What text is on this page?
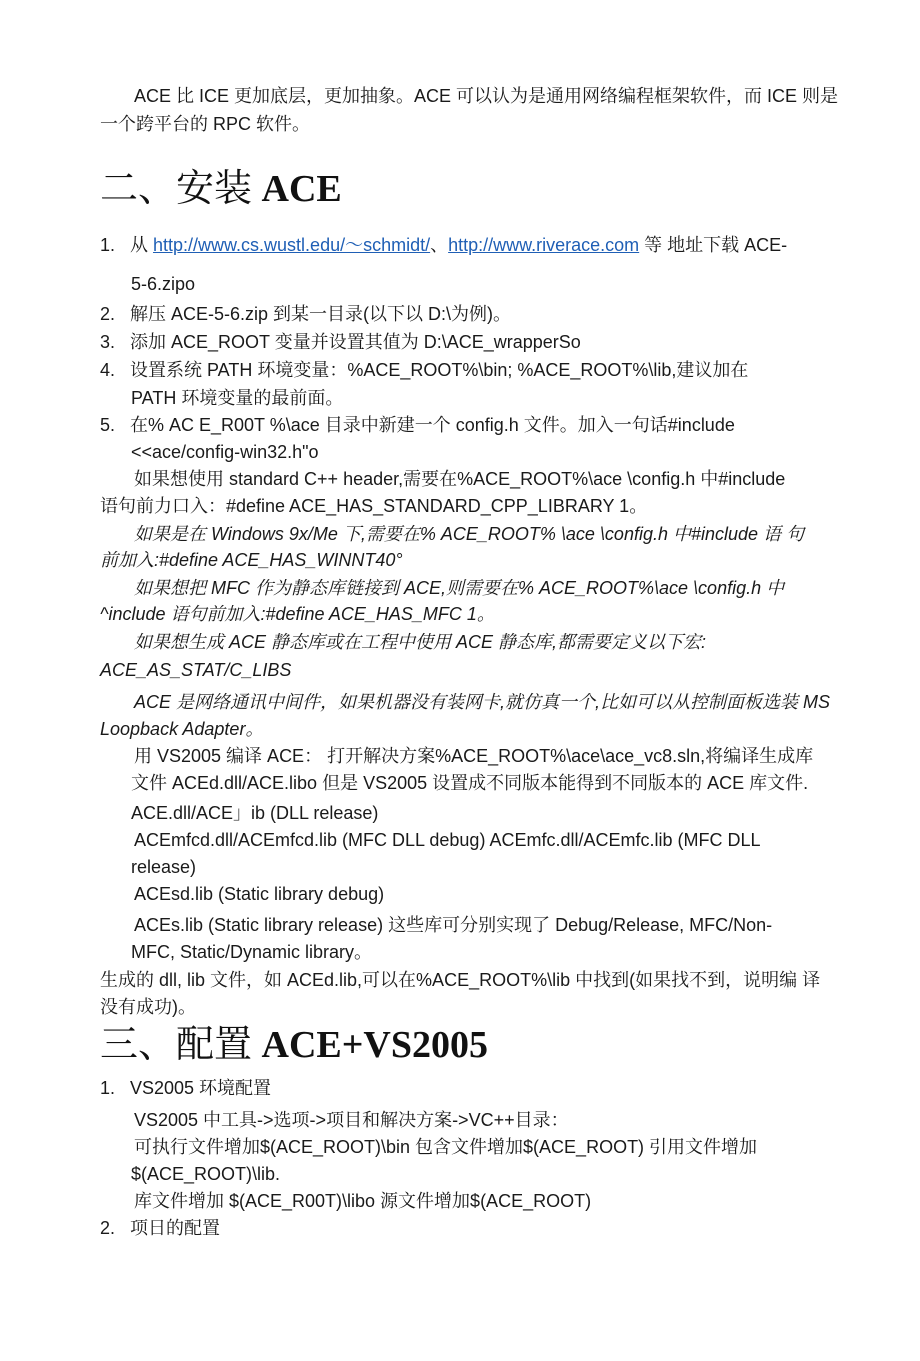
ACE 比 ICE 更加底层，更加抽象。ACE 可以认为是通用网络编程框架软件，而 ICE 则是
一个跨平台的 RPC 软件。
二、安装 ACE
1. 从 http://www.cs.wustl.edu/～schmidt/、http://www.riverace.com 等 地址下载 ACE-
5-6.zipo
2. 解压 ACE-5-6.zip 到某一目录(以下以 D:\为例)。
3. 添加 ACE_ROOT 变量并设置其值为 D:\ACE_wrapperSo
4. 设置系统 PATH 环境变量：%ACE_ROOT%\bin; %ACE_ROOT%\lib,建议加在
PATH 环境变量的最前面。
5. 在% AC E_R00T %\ace 目录中新建一个 config.h 文件。加入一句话#include
<<ace/config-win32.h"o
如果想使用 standard C++ header,需要在%ACE_ROOT%\ace \config.h 中#include
语句前力口入：#define ACE_HAS_STANDARD_CPP_LIBRARY 1。
如果是在 Windows 9x/Me 下,需要在% ACE_ROOT% \ace \config.h 中#include 语 句
前加入:#define ACE_HAS_WINNT40°
如果想把 MFC 作为静态库链接到 ACE,则需要在% ACE_ROOT%\ace \config.h 中
^include 语句前加入:#define ACE_HAS_MFC 1。
如果想生成 ACE 静态库或在工程中使用 ACE 静态库,都需要定义以下宏:
ACE_AS_STAT/C_LIBS
ACE 是网络通讯中间件，如果机器没有装网卡,就仿真一个,比如可以从控制面板选装 MS
Loopback Adapter。
用 VS2005 编译 ACE： 打开解决方案%ACE_ROOT%\ace\ace_vc8.sln,将编译生成库
文件 ACEd.dll/ACE.libo 但是 VS2005 设置成不同版本能得到不同版本的 ACE 库文件.
ACE.dll/ACE」ib (DLL release)
ACEmfcd.dll/ACEmfcd.lib (MFC DLL debug) ACEmfc.dll/ACEmfc.lib (MFC DLL
release)
ACEsd.lib (Static library debug)
ACEs.lib (Static library release) 这些库可分别实现了 Debug/Release, MFC/Non-
MFC, Static/Dynamic library。
生成的 dll, lib 文件，如 ACEd.lib,可以在%ACE_ROOT%\lib 中找到(如果找不到，说明编 译
没有成功)。
三、配置 ACE+VS2005
1. VS2005 环境配置
VS2005 中工具->选项->项目和解决方案->VC++目录：
可执行文件增加$(ACE_ROOT)\bin 包含文件增加$(ACE_ROOT) 引用文件增加
$(ACE_ROOT)\lib.
库文件增加 $(ACE_R00T)\libo 源文件增加$(ACE_ROOT)
2. 项日的配置
